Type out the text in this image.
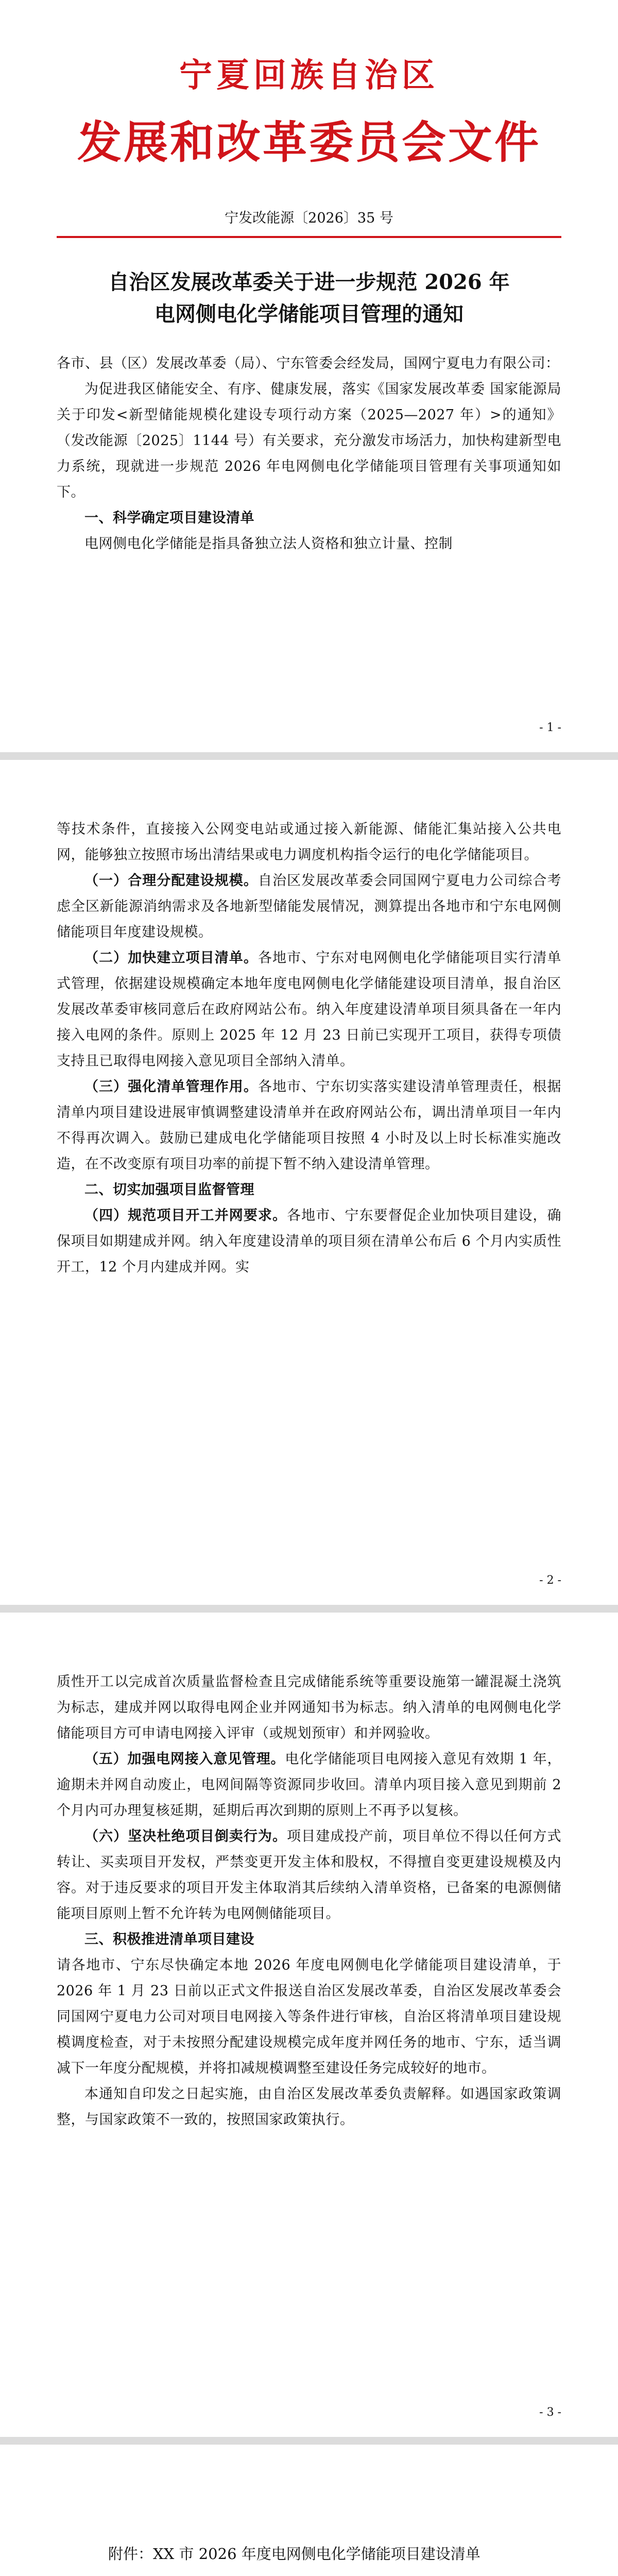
宁夏回族自治区
发展和改革委员会文件
宁发改能源〔2026〕35 号
自治区发展改革委关于进一步规范 2026 年
电网侧电化学储能项目管理的通知

各市、县（区）发展改革委（局）、宁东管委会经发局，国网宁夏电力有限公司：

为促进我区储能安全、有序、健康发展，落实《国家发展改革委 国家能源局关于印发<新型储能规模化建设专项行动方案（2025—2027 年）>的通知》（发改能源〔2025〕1144 号）有关要求，充分激发市场活力，加快构建新型电力系统，现就进一步规范 2026 年电网侧电化学储能项目管理有关事项通知如下。

一、科学确定项目建设清单

电网侧电化学储能是指具备独立法人资格和独立计量、控制

- 1 -

等技术条件，直接接入公网变电站或通过接入新能源、储能汇集站接入公共电网，能够独立按照市场出清结果或电力调度机构指令运行的电化学储能项目。

（一）合理分配建设规模。自治区发展改革委会同国网宁夏电力公司综合考虑全区新能源消纳需求及各地新型储能发展情况，测算提出各地市和宁东电网侧储能项目年度建设规模。

（二）加快建立项目清单。各地市、宁东对电网侧电化学储能项目实行清单式管理，依据建设规模确定本地年度电网侧电化学储能建设项目清单，报自治区发展改革委审核同意后在政府网站公布。纳入年度建设清单项目须具备在一年内接入电网的条件。原则上 2025 年 12 月 23 日前已实现开工项目，获得专项债支持且已取得电网接入意见项目全部纳入清单。

（三）强化清单管理作用。各地市、宁东切实落实建设清单管理责任，根据清单内项目建设进展审慎调整建设清单并在政府网站公布，调出清单项目一年内不得再次调入。鼓励已建成电化学储能项目按照 4 小时及以上时长标准实施改造，在不改变原有项目功率的前提下暂不纳入建设清单管理。

二、切实加强项目监督管理

（四）规范项目开工并网要求。各地市、宁东要督促企业加快项目建设，确保项目如期建成并网。纳入年度建设清单的项目须在清单公布后 6 个月内实质性开工，12 个月内建成并网。实

- 2 -

质性开工以完成首次质量监督检查且完成储能系统等重要设施第一罐混凝土浇筑为标志，建成并网以取得电网企业并网通知书为标志。纳入清单的电网侧电化学储能项目方可申请电网接入评审（或规划预审）和并网验收。

（五）加强电网接入意见管理。电化学储能项目电网接入意见有效期 1 年，逾期未并网自动废止，电网间隔等资源同步收回。清单内项目接入意见到期前 2 个月内可办理复核延期，延期后再次到期的原则上不再予以复核。

（六）坚决杜绝项目倒卖行为。项目建成投产前，项目单位不得以任何方式转让、买卖项目开发权，严禁变更开发主体和股权，不得擅自变更建设规模及内容。对于违反要求的项目开发主体取消其后续纳入清单资格，已备案的电源侧储能项目原则上暂不允许转为电网侧储能项目。

三、积极推进清单项目建设

请各地市、宁东尽快确定本地 2026 年度电网侧电化学储能项目建设清单，于 2026 年 1 月 23 日前以正式文件报送自治区发展改革委，自治区发展改革委会同国网宁夏电力公司对项目电网接入等条件进行审核，自治区将清单项目建设规模调度检查，对于未按照分配建设规模完成年度并网任务的地市、宁东，适当调减下一年度分配规模，并将扣减规模调整至建设任务完成较好的地市。

本通知自印发之日起实施，由自治区发展改革委负责解释。如遇国家政策调整，与国家政策不一致的，按照国家政策执行。

- 3 -
附件：XX 市 2026 年度电网侧电化学储能项目建设清单
